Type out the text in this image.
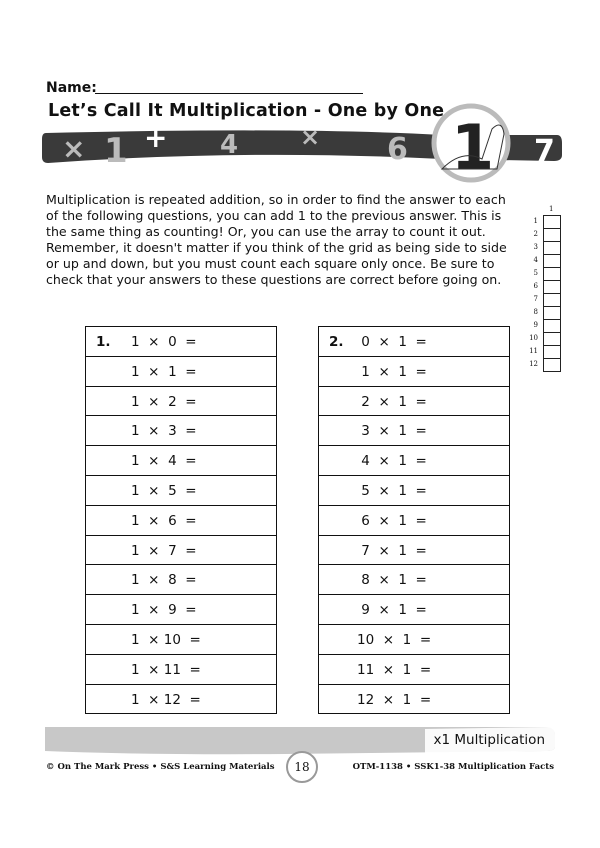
Name:
Let’s Call It Multiplication - One by One
× 1 + 4	× 6	7
1
Multiplication is repeated addition, so in order to find the answer to each of the following questions, you can add 1 to the previous answer. This is the same thing as counting! Or, you can use the array to count it out. Remember, it doesn't matter if you think of the grid as being side to side or up and down, but you must count each square only once. Be sure to check that your answers to these questions are correct before going on.
1
1
2
3
4
5
6
7
8
9
10
11
12
1. 1  ×  0  =

1  ×  1  =

1  ×  2  =

1  ×  3  =

1  ×  4  =

1  ×  5  =

1  ×  6  =

1  ×  7  =

1  ×  8  =

1  ×  9  =

1  × 10  =

1  × 11  =

1  × 12  =
2. 0  ×  1  =

1  ×  1  =

2  ×  1  =

3  ×  1  =

4  ×  1  =

5  ×  1  =

6  ×  1  =

7  ×  1  =

8  ×  1  =

9  ×  1  =

10  ×  1  =

11  ×  1  =

12  ×  1  =
x1 Multiplication
© On The Mark Press • S&S Learning Materials	18	OTM-1138 • SSK1-38 Multiplication Facts
